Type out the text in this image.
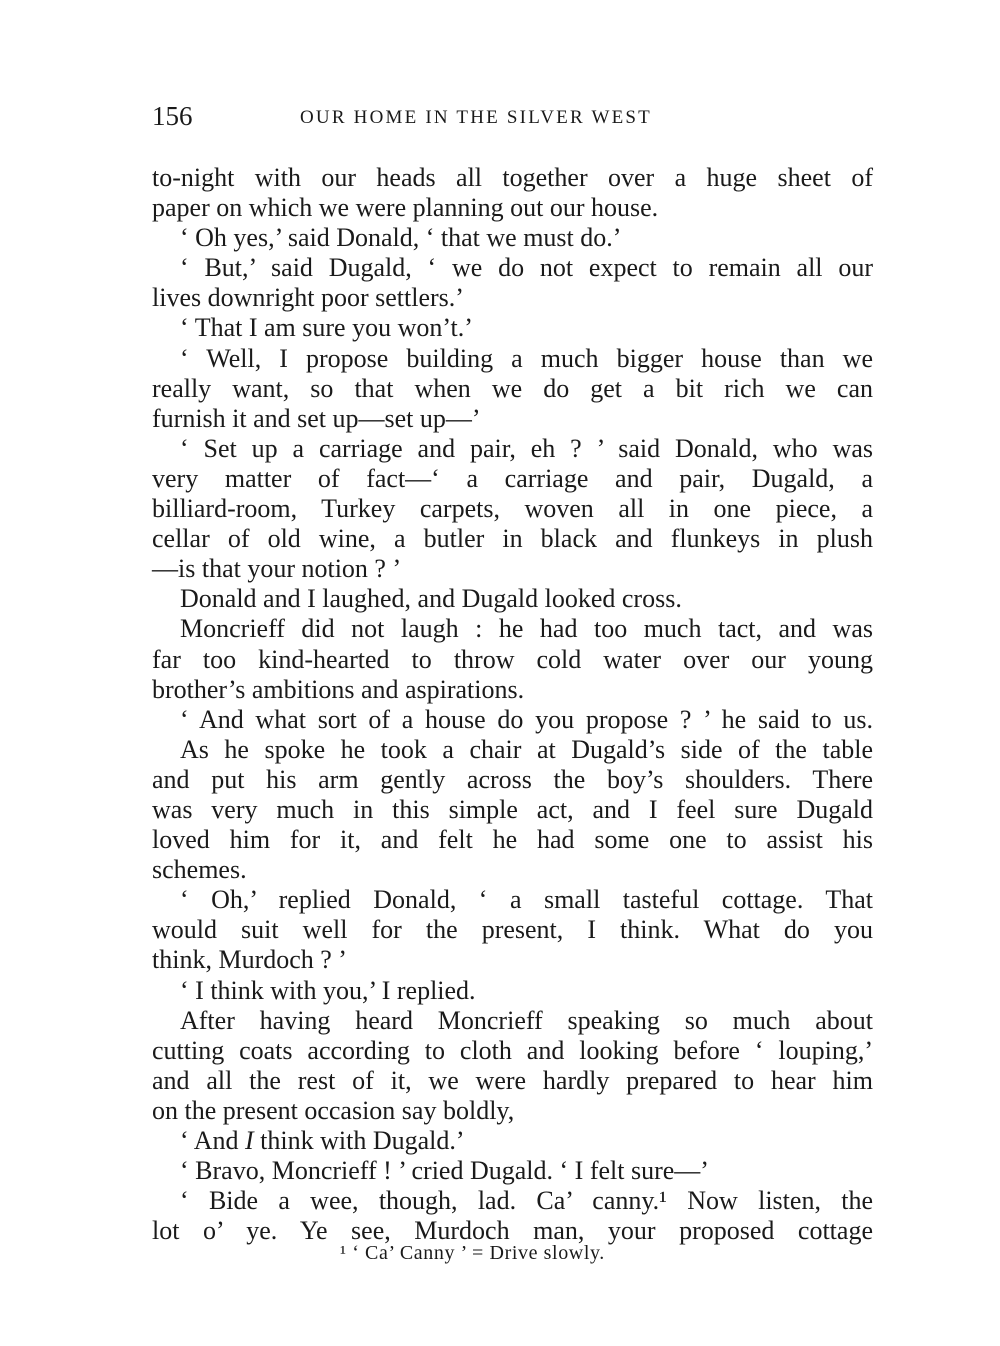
156	OUR HOME IN THE SILVER WEST
to-night with our heads all together over a huge sheet of
paper on which we were planning out our house.
‘ Oh yes,’ said Donald, ‘ that we must do.’
‘ But,’ said Dugald, ‘ we do not expect to remain all our
lives downright poor settlers.’
‘ That I am sure you won’t.’
‘ Well, I propose building a much bigger house than we
really want, so that when we do get a bit rich we can
furnish it and set up—set up—’
‘ Set up a carriage and pair, eh ? ’ said Donald, who was
very matter of fact—‘ a carriage and pair, Dugald, a
billiard-room, Turkey carpets, woven all in one piece, a
cellar of old wine, a butler in black and flunkeys in plush
—is that your notion ? ’
Donald and I laughed, and Dugald looked cross.
Moncrieff did not laugh : he had too much tact, and was
far too kind-hearted to throw cold water over our young
brother’s ambitions and aspirations.
‘ And what sort of a house do you propose ? ’ he said to us.
As he spoke he took a chair at Dugald’s side of the table
and put his arm gently across the boy’s shoulders. There
was very much in this simple act, and I feel sure Dugald
loved him for it, and felt he had some one to assist his
schemes.
‘ Oh,’ replied Donald, ‘ a small tasteful cottage. That
would suit well for the present, I think. What do you
think, Murdoch ? ’
‘ I think with you,’ I replied.
After having heard Moncrieff speaking so much about
cutting coats according to cloth and looking before ‘ louping,’
and all the rest of it, we were hardly prepared to hear him
on the present occasion say boldly,
‘ And I think with Dugald.’
‘ Bravo, Moncrieff ! ’ cried Dugald. ‘ I felt sure—’
‘ Bide a wee, though, lad. Ca’ canny.¹ Now listen, the
lot o’ ye. Ye see, Murdoch man, your proposed cottage
¹ ‘ Ca’ Canny ’ = Drive slowly.
